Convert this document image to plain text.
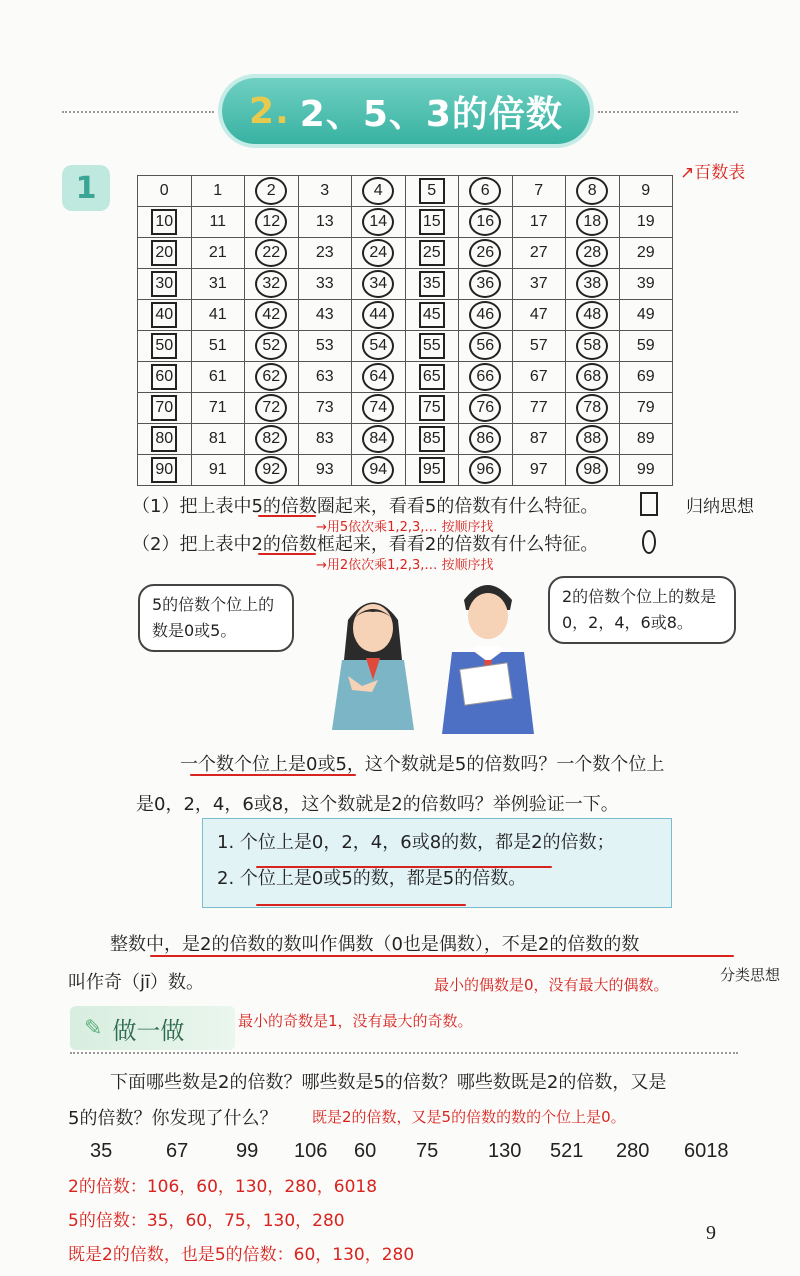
2. 2、5、3的倍数
1	↗百数表
0	1	2	3	4	5	6	7	8	9
10	11	12	13	14	15	16	17	18	19
20	21	22	23	24	25	26	27	28	29
30	31	32	33	34	35	36	37	38	39
40	41	42	43	44	45	46	47	48	49
50	51	52	53	54	55	56	57	58	59
60	61	62	63	64	65	66	67	68	69
70	71	72	73	74	75	76	77	78	79
80	81	82	83	84	85	86	87	88	89
90	91	92	93	94	95	96	97	98	99
（1）把上表中5的倍数圈起来，看看5的倍数有什么特征。	归纳思想
→用5依次乘1,2,3,… 按顺序找
（2）把上表中2的倍数框起来，看看2的倍数有什么特征。
→用2依次乘1,2,3,… 按顺序找
5的倍数个位上的数是0或5。
2的倍数个位上的数是0，2，4，6或8。
一个数个位上是0或5，这个数就是5的倍数吗？一个数个位上
是0，2，4，6或8，这个数就是2的倍数吗？举例验证一下。
1. 个位上是0，2，4，6或8的数，都是2的倍数；
2. 个位上是0或5的数，都是5的倍数。
整数中，是2的倍数的数叫作偶数（0也是偶数），不是2的倍数的数
叫作奇（jī）数。	分类思想
最小的偶数是0，没有最大的偶数。
最小的奇数是1，没有最大的奇数。
✎ 做一做
下面哪些数是2的倍数？哪些数是5的倍数？哪些数既是2的倍数，又是
5的倍数？你发现了什么？ 既是2的倍数，又是5的倍数的数的个位上是0。
35	67 99 106 60 75 130 521 280 6018
2的倍数：106，60，130，280，6018
5的倍数：35，60，75，130，280
既是2的倍数，也是5的倍数：60，130，280
9
